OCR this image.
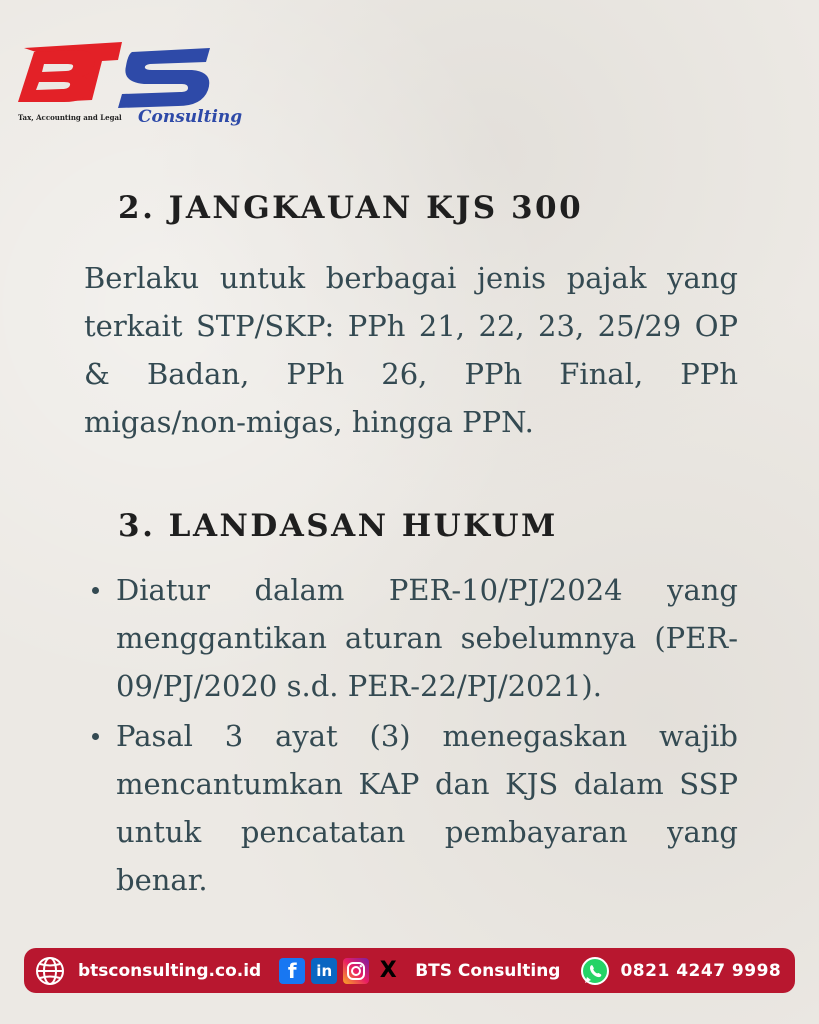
Tax, Accounting and Legal Consulting
2. JANGKAUAN KJS 300

Berlaku untuk berbagai jenis pajak yang terkait STP/SKP: PPh 21, 22, 23, 25/29 OP & Badan, PPh 26, PPh Final, PPh migas/non-migas, hingga PPN.

3. LANDASAN HUKUM
Diatur dalam PER-10/PJ/2024 yang menggantikan aturan sebelumnya (PER-09/PJ/2020 s.d. PER-22/PJ/2021).
Pasal 3 ayat (3) menegaskan wajib mencantumkan KAP dan KJS dalam SSP untuk pencatatan pembayaran yang benar.
btsconsulting.co.id	f	in X BTS Consulting	0821 4247 9998
